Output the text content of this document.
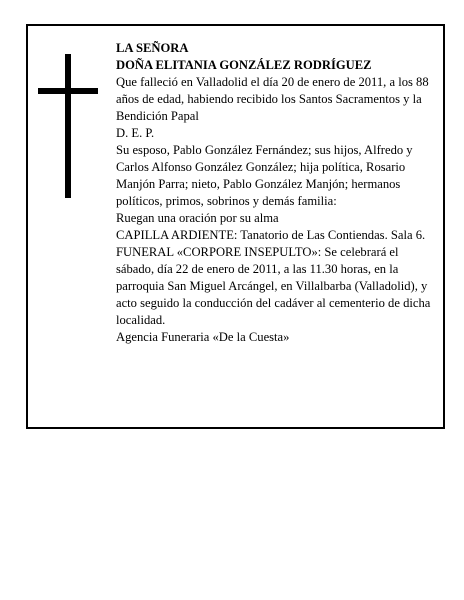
LA SEÑORA

DOÑA ELITANIA GONZÁLEZ RODRÍGUEZ

Que falleció en Valladolid el día 20 de enero de 2011, a los 88 años de edad, habiendo recibido los Santos Sacramentos y la Bendición Papal

D. E. P.

Su esposo, Pablo González Fernández; sus hijos, Alfredo y Carlos Alfonso González González; hija política, Rosario Manjón Parra; nieto, Pablo González Manjón; hermanos políticos, primos, sobrinos y demás familia:

Ruegan una oración por su alma

CAPILLA ARDIENTE: Tanatorio de Las Contiendas. Sala 6.

FUNERAL «CORPORE INSEPULTO»: Se celebrará el sábado, día 22 de enero de 2011, a las 11.30 horas, en la parroquia San Miguel Arcángel, en Villalbarba (Valladolid), y acto seguido la conducción del cadáver al cementerio de dicha localidad.

Agencia Funeraria «De la Cuesta»
